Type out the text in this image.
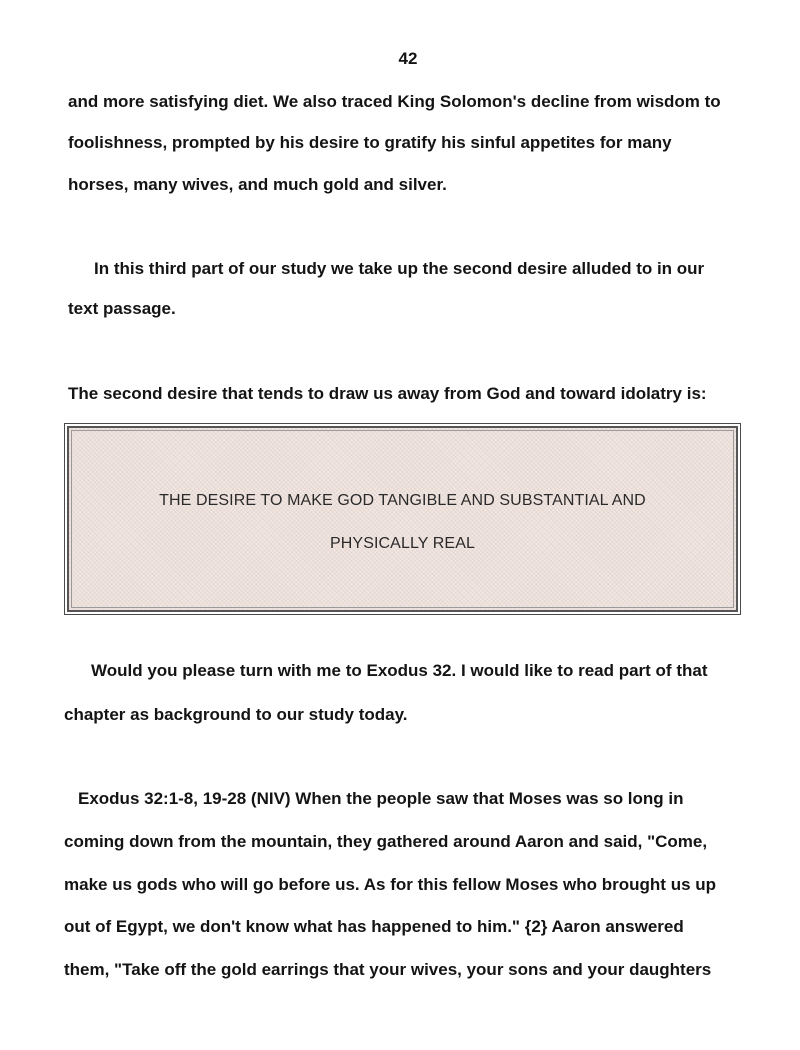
42
and more satisfying diet. We also traced King Solomon's decline from wisdom to
foolishness, prompted by his desire to gratify his sinful appetites for many
horses, many wives, and much gold and silver.
In this third part of our study we take up the second desire alluded to in our
text passage.
The second desire that tends to draw us away from God and toward idolatry is:
THE DESIRE TO MAKE GOD TANGIBLE AND SUBSTANTIAL AND
PHYSICALLY REAL
Would you please turn with me to Exodus 32. I would like to read part of that
chapter as background to our study today.
Exodus 32:1-8, 19-28 (NIV) When the people saw that Moses was so long in
coming down from the mountain, they gathered around Aaron and said, "Come,
make us gods who will go before us. As for this fellow Moses who brought us up
out of Egypt, we don't know what has happened to him." {2} Aaron answered
them, "Take off the gold earrings that your wives, your sons and your daughters
